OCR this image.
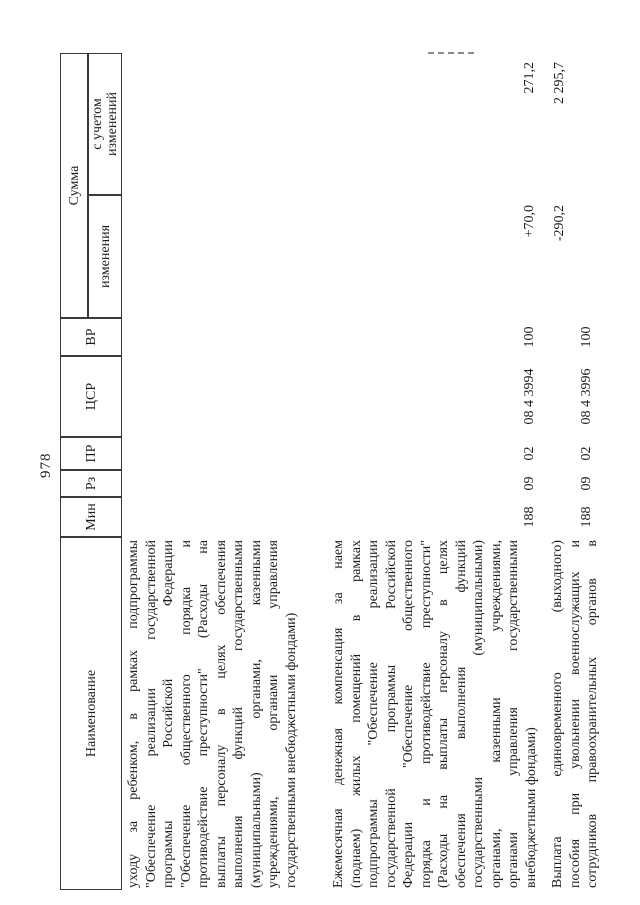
978
Наименование
Мин
Рз
ПР
ЦСР
ВР
Сумма
изменения
с учетом изменений
уходу за ребенком, в рамках подпрограммы "Обеспечение реализации государственной программы Российской Федерации "Обеспечение общественного порядка и противодействие преступности" (Расходы на выплаты персоналу в целях обеспечения выполнения функций государственными (муниципальными) органами, казенными учреждениями, органами управления государственными внебюджетными фондами) Ежемесячная денежная компенсация за наем (поднаем) жилых помещений в рамках подпрограммы "Обеспечение реализации государственной программы Российской Федерации "Обеспечение общественного порядка и противодействие преступности" (Расходы на выплаты персоналу в целях обеспечения выполнения функций государственными (муниципальными) органами, казенными учреждениями, органами управления государственными внебюджетными фондами)
188
09
02
08 4 3994
100
+70,0
271,2
Выплата единовременного (выходного) пособия при увольнении военнослужащих и сотрудников правоохранительных органов в
-290,2
2 295,7
188
09
02
08 4 3996
100
